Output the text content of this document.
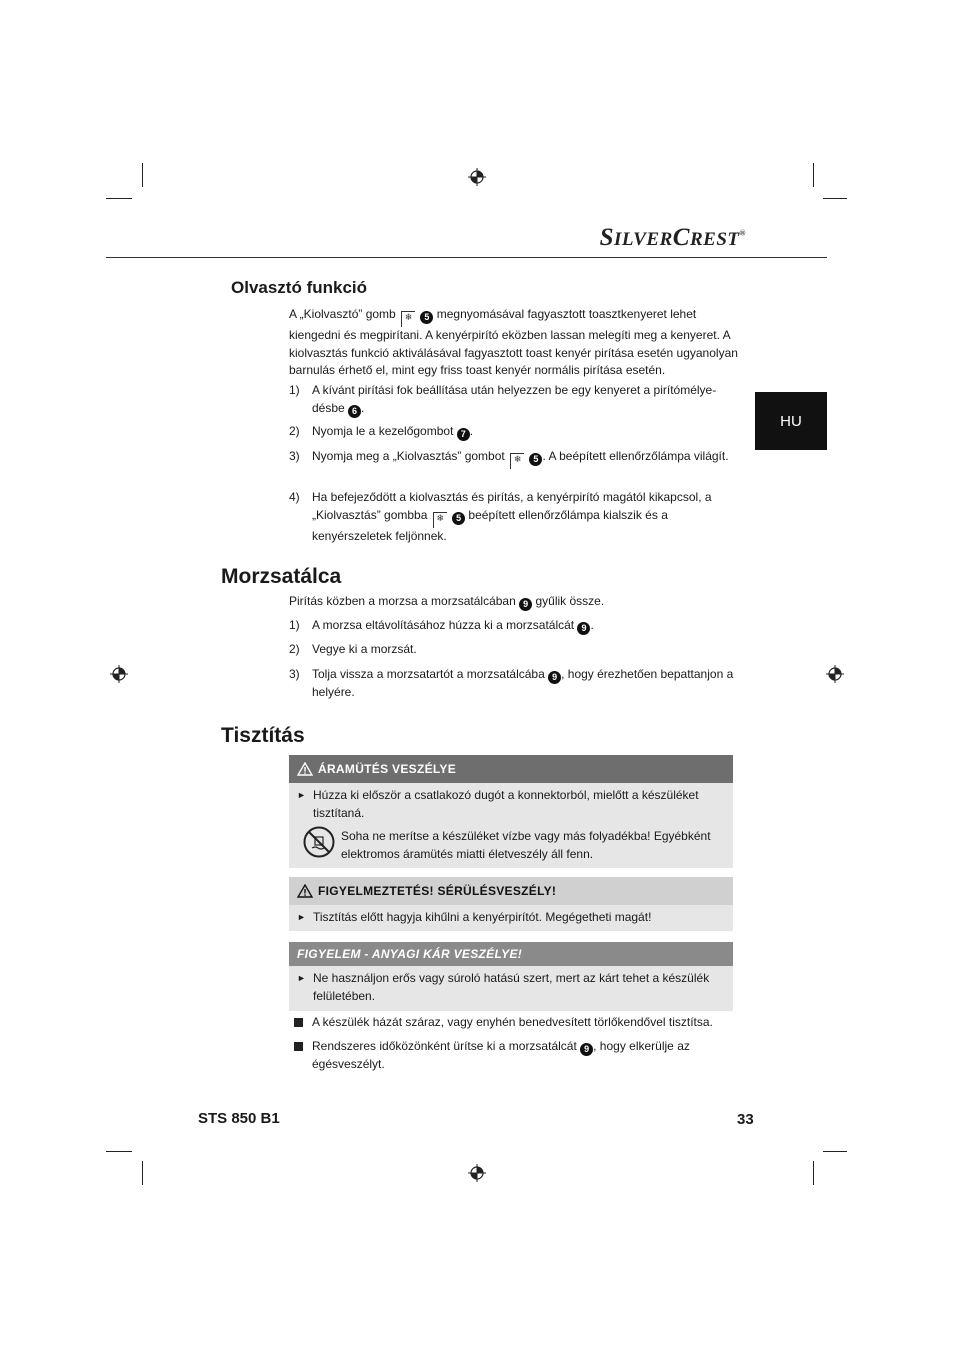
SILVERCREST®
HU
Olvasztó funkció
A „Kiolvasztó” gomb ❄ 5 megnyomásával fagyasztott toasztkenyeret lehet kiengedni és megpirítani. A kenyérpirító eközben lassan melegíti meg a kenyeret. A kiolvasztás funkció aktiválásával fagyasztott toast kenyér pirítása esetén ugyanolyan barnulás érhető el, mint egy friss toast kenyér normális pirítása esetén.
1) A kívánt pirítási fok beállítása után helyezzen be egy kenyeret a pirítómélye-désbe 6 .
2) Nyomja le a kezelőgombot 7 .
3) Nyomja meg a „Kiolvasztás” gombot ❄ 5 . A beépített ellenőrzőlámpa világít.
4) Ha befejeződött a kiolvasztás és pirítás, a kenyérpirító magától kikapcsol, a „Kiolvasztás” gombba ❄ 5 beépített ellenőrzőlámpa kialszik és a kenyérszeletek feljönnek.
Morzsatálca
Pirítás közben a morzsa a morzsatálcában 9 gyűlik össze.
1) A morzsa eltávolításához húzza ki a morzsatálcát 9 .
2) Vegye ki a morzsát.
3) Tolja vissza a morzsatartót a morzsatálcába 9 , hogy érezhetően bepattanjon a helyére.
Tisztítás
ÁRAMÜTÉS VESZÉLYE
► Húzza ki először a csatlakozó dugót a konnektorból, mielőtt a készüléket tisztítaná.
Soha ne merítse a készüléket vízbe vagy más folyadékba! Egyébként elektromos áramütés miatti életveszély áll fenn.
FIGYELMEZTETÉS! SÉRÜLÉSVESZÉLY!
► Tisztítás előtt hagyja kihűlni a kenyérpirítót. Megégetheti magát!
FIGYELEM - ANYAGI KÁR VESZÉLYE!
► Ne használjon erős vagy súroló hatású szert, mert az kárt tehet a készülék felületében.
A készülék házát száraz, vagy enyhén benedvesített törlőkendővel tisztítsa.
Rendszeres időközönként ürítse ki a morzsatálcát 9 , hogy elkerülje az égésveszélyt.
STS 850 B1	33
